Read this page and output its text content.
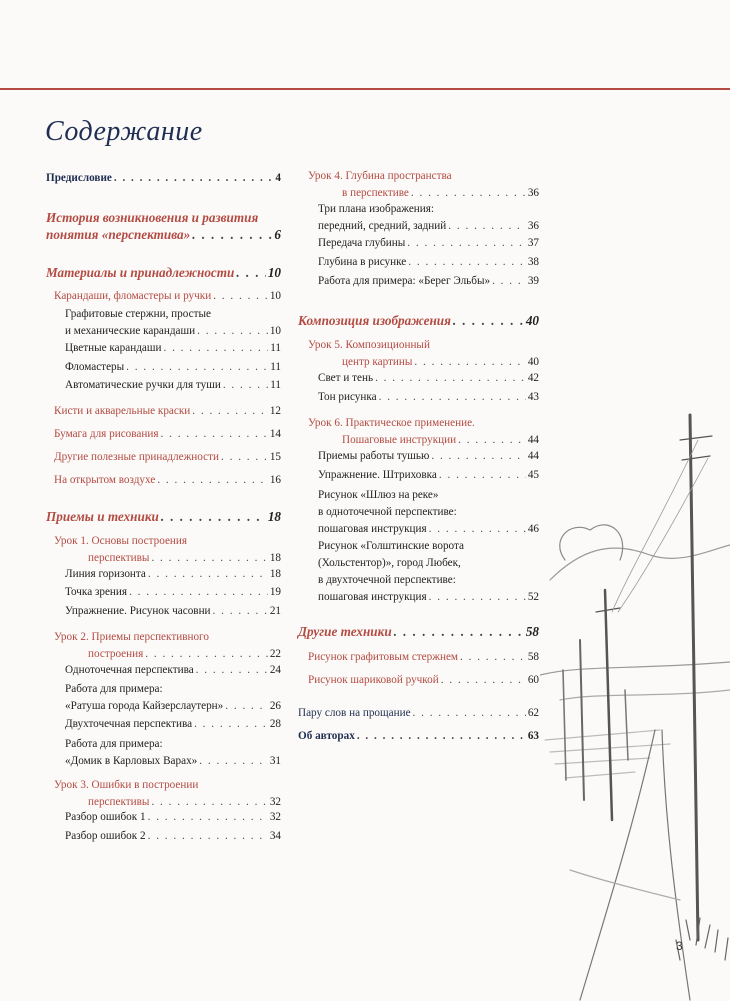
Содержание
3
Предисловие . . .	4
История возникновения и развития
понятия «перспектива» . . .	6
Материалы и принадлежности . . .	10
Карандаши, фломастеры и ручки . . .	10
Графитовые стержни, простые
и механические карандаши . . .	10
Цветные карандаши . . .	11
Фломастеры . . .	11
Автоматические ручки для туши . . .	11
Кисти и акварельные краски . . .	12
Бумага для рисования . . .	14
Другие полезные принадлежности . . .	15
На открытом воздухе . . .	16
Приемы и техники . . .	18
Урок 1. Основы построения
перспективы . . .	18
Линия горизонта . . .	18
Точка зрения . . .	19
Упражнение. Рисунок часовни . . .	21
Урок 2. Приемы перспективного
построения . . .	22
Одноточечная перспектива . . .	24
Работа для примера:
«Ратуша города Кайзерслаутерн» . . .	26
Двухточечная перспектива . . .	28
Работа для примера:
«Домик в Карловых Варах» . . .	31
Урок 3. Ошибки в построении
перспективы . . .	32
Разбор ошибок 1 . . .	32
Разбор ошибок 2 . . .	34
Урок 4. Глубина пространства
в перспективе . . .	36
Три плана изображения:
передний, средний, задний . . .	36
Передача глубины . . .	37
Глубина в рисунке . . .	38
Работа для примера: «Берег Эльбы» . . .	39
Композиция изображения . . .	40
Урок 5. Композиционный
центр картины . . .	40
Свет и тень . . .	42
Тон рисунка . . .	43
Урок 6. Практическое применение.
Пошаговые инструкции . . .	44
Приемы работы тушью . . .	44
Упражнение. Штриховка . . .	45
Рисунок «Шлюз на реке»
в одноточечной перспективе:
пошаговая инструкция . . .	46
Рисунок «Голштинские ворота
(Хольстентор)», город Любек,
в двухточечной перспективе:
пошаговая инструкция . . .	52
Другие техники . . .	58
Рисунок графитовым стержнем . . .	58
Рисунок шариковой ручкой . . .	60
Пару слов на прощание . . .	62
Об авторах . . .	63
